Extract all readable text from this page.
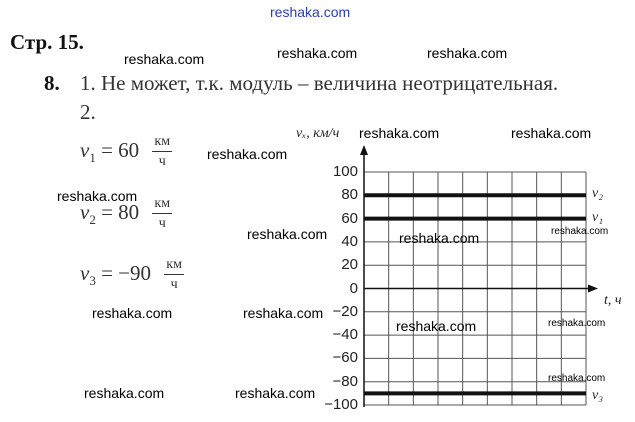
reshaka.com
Стр. 15.	reshaka.com	reshaka.com
reshaka.com
8. 1. Не может, т.к. модуль – величина неотрицательная.
2.
$v_1 = 60 \frac{км}{ч}$
$v_2 = 80 \frac{км}{ч}$
$v_3 = -90 \frac{км}{ч}$
100
80
60
40
20
0
−20
−40
−60
−80
−100
vₓ, км/ч
t, ч
v₂
v₁
v₃
reshaka.com	reshaka.com
reshaka.com
reshaka.com
reshaka.com	reshaka.com	reshaka.com
reshaka.com	reshaka.com
reshaka.com	reshaka.com
reshaka.com	reshaka.com
reshaka.com
